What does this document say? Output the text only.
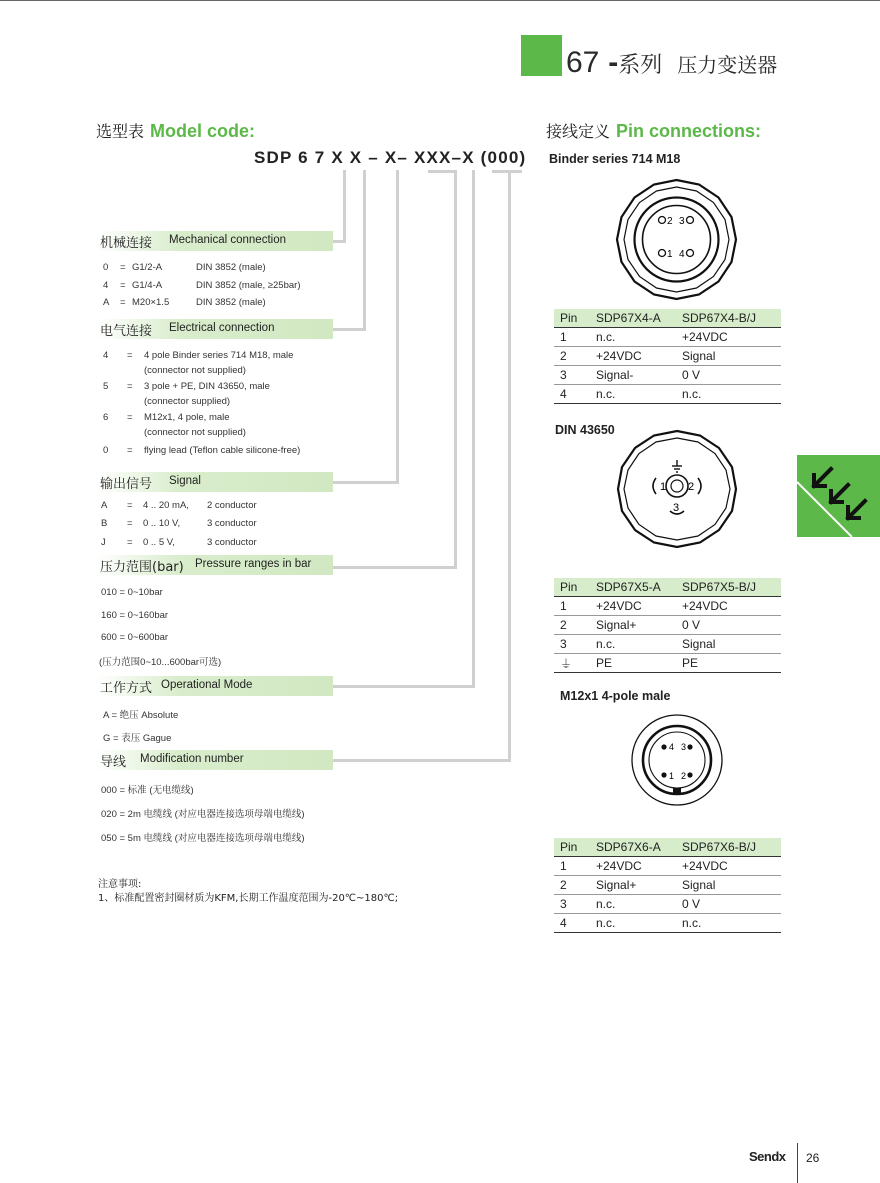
67 -系列 压力变送器
选型表 Model code:
SDP 6 7 X X – X– XXX–X (000)
机械连接 Mechanical connection
0 = G1/2-A	DIN 3852 (male)
4 = G1/4-A	DIN 3852 (male, ≥25bar)
A = M20×1.5	DIN 3852 (male)
电气连接 Electrical connection
4 = 4 pole Binder series 714 M18, male
(connector not supplied)
5 = 3 pole + PE, DIN 43650, male
(connector supplied)
6 = M12x1, 4 pole, male
(connector not supplied)
0 = flying lead (Teflon cable silicone-free)
输出信号 Signal
A = 4 .. 20 mA, 2 conductor
B = 0 .. 10 V,	3 conductor
J = 0 .. 5 V,	3 conductor
压力范围(bar) Pressure ranges in bar
010 = 0~10bar
160 = 0~160bar
600 = 0~600bar
(压力范围0~10...600bar可选)
工作方式 Operational Mode
A = 绝压 Absolute
G = 表压 Gague
导线 Modification number
000 = 标准 (无电缆线)
020 = 2m 电缆线 (对应电器连接选项母端电缆线)
050 = 5m 电缆线 (对应电器连接选项母端电缆线)
注意事项:
1、标准配置密封圈材质为KFM,长期工作温度范围为-20℃~180℃;
接线定义 Pin connections:
Binder series 714 M18
2 3
1 4
Pin	SDP67X4-A	SDP67X4-B/J
1	n.c.	+24VDC
2	+24VDC	Signal
3	Signal-	0 V
4	n.c.	n.c.
DIN 43650
1 2
3
Pin	SDP67X5-A	SDP67X5-B/J
1	+24VDC	+24VDC
2	Signal+	0 V
3	n.c.	Signal
⏚	PE	PE
M12x1 4-pole male
4 3
1 2
Pin	SDP67X6-A	SDP67X6-B/J
1	+24VDC	+24VDC
2	Signal+	Signal
3	n.c.	0 V
4	n.c.	n.c.
Sendx 26
